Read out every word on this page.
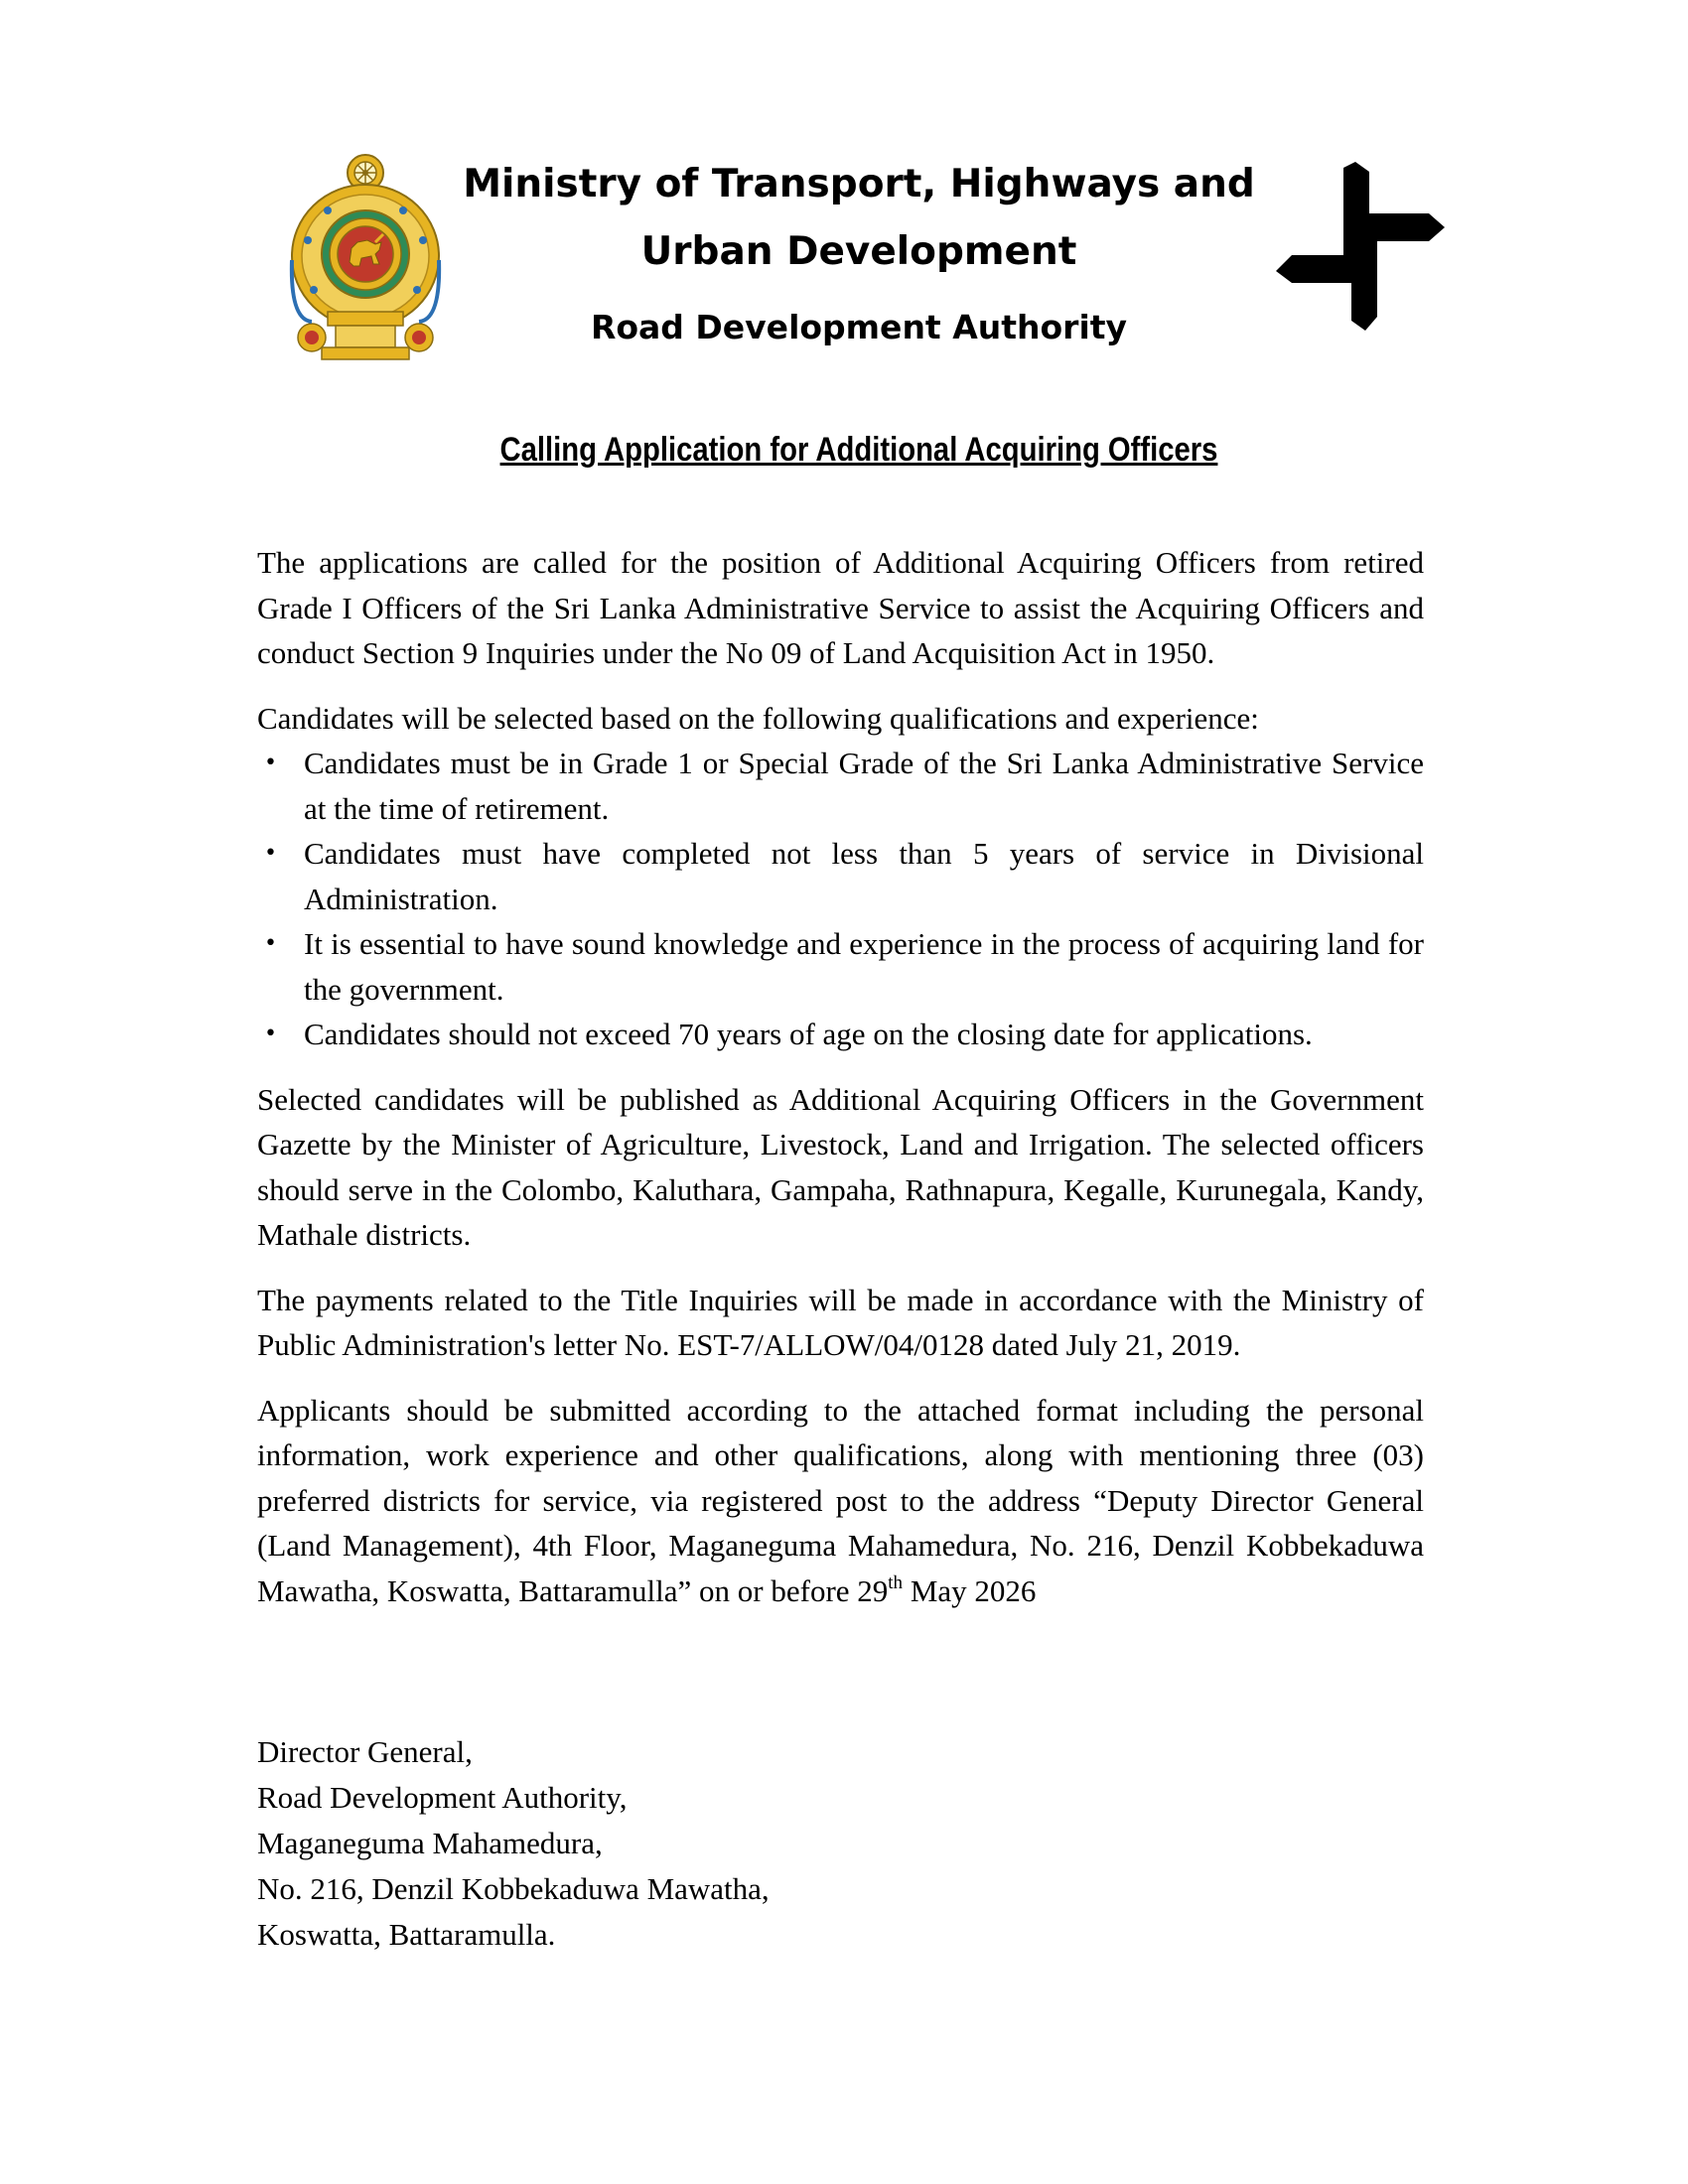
Ministry of Transport, Highways and
Urban Development
Road Development Authority
Calling Application for Additional Acquiring Officers

The applications are called for the position of Additional Acquiring Officers from retired Grade I Officers of the Sri Lanka Administrative Service to assist the Acquiring Officers and conduct Section 9 Inquiries under the No 09 of Land Acquisition Act in 1950.

Candidates will be selected based on the following qualifications and experience:

• Candidates must be in Grade 1 or Special Grade of the Sri Lanka Administrative Service at the time of retirement.
• Candidates must have completed not less than 5 years of service in Divisional Administration.
• It is essential to have sound knowledge and experience in the process of acquiring land for the government.
• Candidates should not exceed 70 years of age on the closing date for applications.

Selected candidates will be published as Additional Acquiring Officers in the Government Gazette by the Minister of Agriculture, Livestock, Land and Irrigation. The selected officers should serve in the Colombo, Kaluthara, Gampaha, Rathnapura, Kegalle, Kurunegala, Kandy, Mathale districts.

The payments related to the Title Inquiries will be made in accordance with the Ministry of Public Administration's letter No. EST-7/ALLOW/04/0128 dated July 21, 2019.

Applicants should be submitted according to the attached format including the personal information, work experience and other qualifications, along with mentioning three (03) preferred districts for service, via registered post to the address “Deputy Director General (Land Management), 4th Floor, Maganeguma Mahamedura, No. 216, Denzil Kobbekaduwa Mawatha, Koswatta, Battaramulla” on or before 29th May 2026

Director General,
Road Development Authority,
Maganeguma Mahamedura,
No. 216, Denzil Kobbekaduwa Mawatha,
Koswatta, Battaramulla.
